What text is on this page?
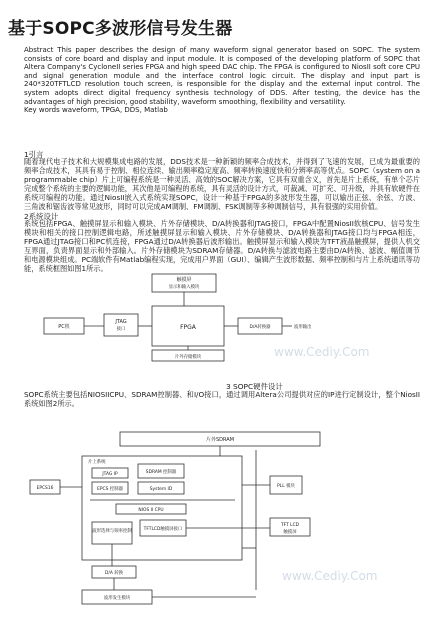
基于SOPC多波形信号发生器
Abstract This paper describes the design of many waveform signal generator based on SOPC. The system consists of core board and display and input module. It is composed of the developing platform of SOPC that Altera Company's CycloneII series FPGA and high speed DAC chip. The FPGA is configured to NiosII soft core CPU and signal generation module and the interface control logic circuit. The display and input part is 240*320TFTLCD resolution touch screen, is responsible for the display and the external input control. The system adopts direct digital frequency synthesis technology of DDS. After testing, the device has the advantages of high precision, good stability, waveform smoothing, flexibility and versatility.
Key words waveform, TPGA, DDS, Matlab
1引言
随着现代电子技术和大规模集成电路的发展，DDS技术是一种新颖的频率合成技术，并得到了飞速的发展，已成为最重要的频率合成技术，其具有易于控制、相位连续、输出频率稳定度高、频率转换速度快和分辨率高等优点。SOPC（system on a programmable chip）片上可编程系统是一种灵活、高效的SOC解决方案，它具有双重含义，首先是片上系统，有单个芯片完成整个系统的主要的逻辑功能，其次他是可编程的系统，具有灵活的设计方式，可裁减、可扩充、可升级，并具有软硬件在系统可编程的功能。通过NiosII嵌入式系统实现SOPC，设计一种基于FPGA的多波形发生器，可以输出正弦、余弦、方波、三角波和锯齿波等常见波形，同时可以完成AM调制、FM调制、FSK调制等多种调制信号，具有很强的实用价值。
2系统设计
系统包括FPGA、触摸屏显示和输入模块、片外存储模块、D/A转换器和JTAG接口，FPGA中配置NiosII软核CPU、信号发生模块和相关的接口控制逻辑电路，所述触摸屏显示和输入模块、片外存储模块、D/A转换器和JTAG接口均与FPGA相连，FPGA通过JTAG接口和PC机连接，FPGA通过D/A转换器后波形输出。触摸屏显示和输入模块为TFT液晶触摸屏，提供人机交互界面，负责界面显示和外部输入。片外存储模块为SDRAM存储器。D/A转换与滤波电路主要由D/A转换、滤波、幅值调节和电源模块组成。PC端软件有Matlab编程实现，完成用户界面（GUI）、编辑产生波形数据、频率控制和与片上系统通讯等功能，系统框图如图1所示。
触摸屏
显示和输入模块
PC机
JTAG
接口	FPGA	D/A转换器	波形输出
片外存储模块	www.Cediy.Com
3 SOPC硬件设计
SOPC系统主要包括NIOSIICPU、SDRAM控制器、和I/O接口，通过调用Altera公司提供对应的IP进行定制设计，整个NiosII系统如图2所示。
片外SDRAM
片上系统
JTAG IP	SDRAM 控制器
EPCS 控制器	System ID
NIOS II CPU
波形选择与频率控制	TFTLCD触摸屏接口
PLL 模块
EPCS16
TFT LCD
触摸屏
D/A 转换
波形发生模块
www.Cediy.Com
